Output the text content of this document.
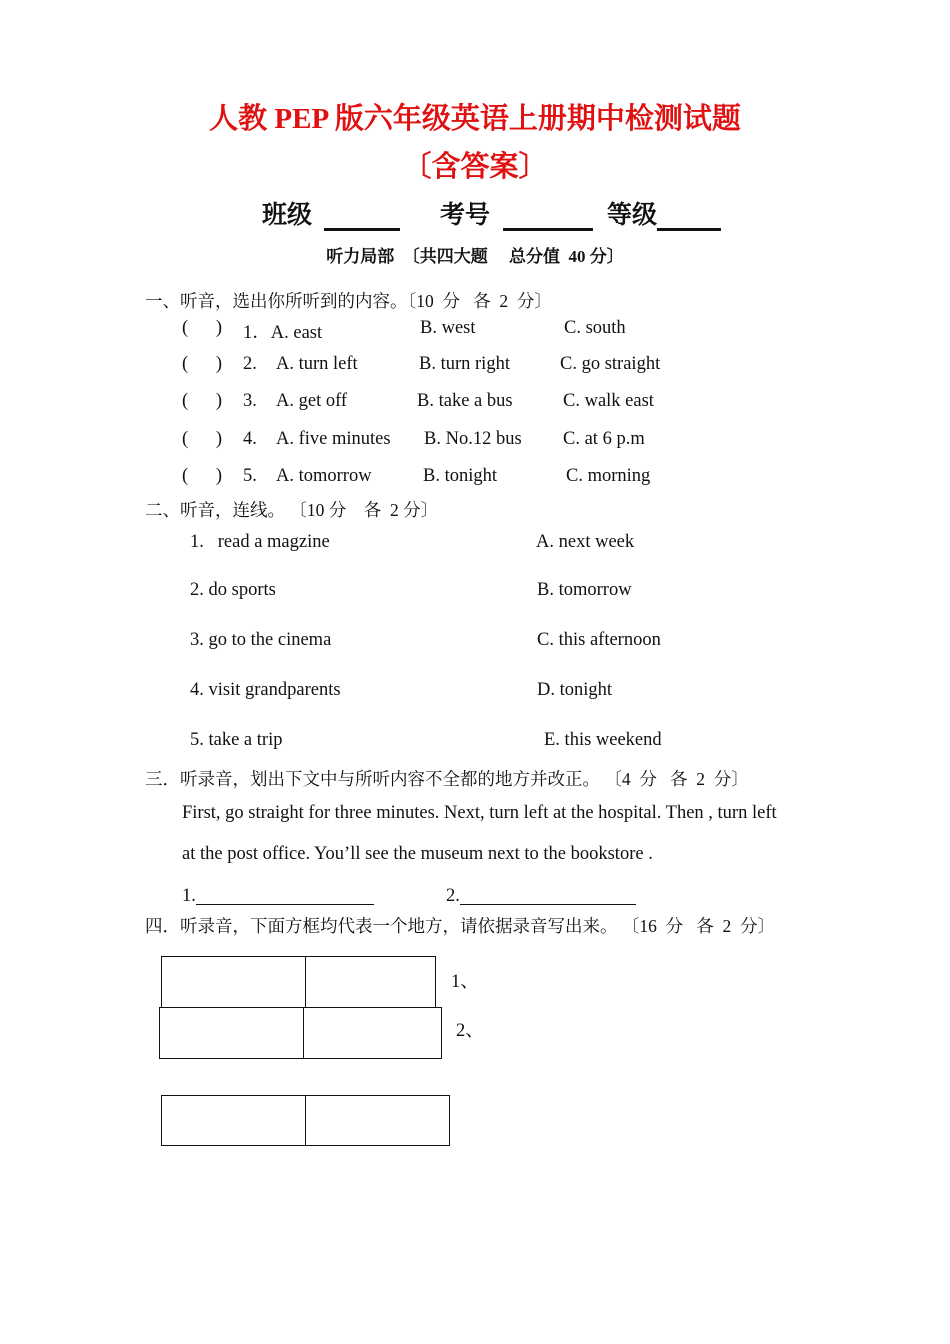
人教 PEP 版六年级英语上册期中检测试题
〔含答案〕
班级	考号	等级
听力局部  〔共四大题     总分值  40 分〕
一、听音，选出你所听到的内容。〔10  分   各  2  分〕
(      ) 1．A. east	B. west	C. south
(      ) 2. A. turn left	B. turn right	C. go straight
(      ) 3. A. get off	B. take a bus	C. walk east
(      ) 4. A. five minutes B. No.12 bus C. at 6 p.m
(      ) 5. A. tomorrow	B. tonight	C. morning
二、听音，连线。 〔10 分    各  2 分〕
1.   read a magzine	A. next week
2. do sports	B. tomorrow
3. go to the cinema	C. this afternoon
4. visit grandparents	D. tonight
5. take a trip	E. this weekend
三．听录音，划出下文中与所听内容不全都的地方并改正。 〔4  分   各  2  分〕
First, go straight for three minutes. Next, turn left at the hospital. Then , turn left
at the post office. You’ll see the museum next to the bookstore .
1.	2.
四．听录音，下面方框均代表一个地方，请依据录音写出来。 〔16  分   各  2  分〕
1、
2、
